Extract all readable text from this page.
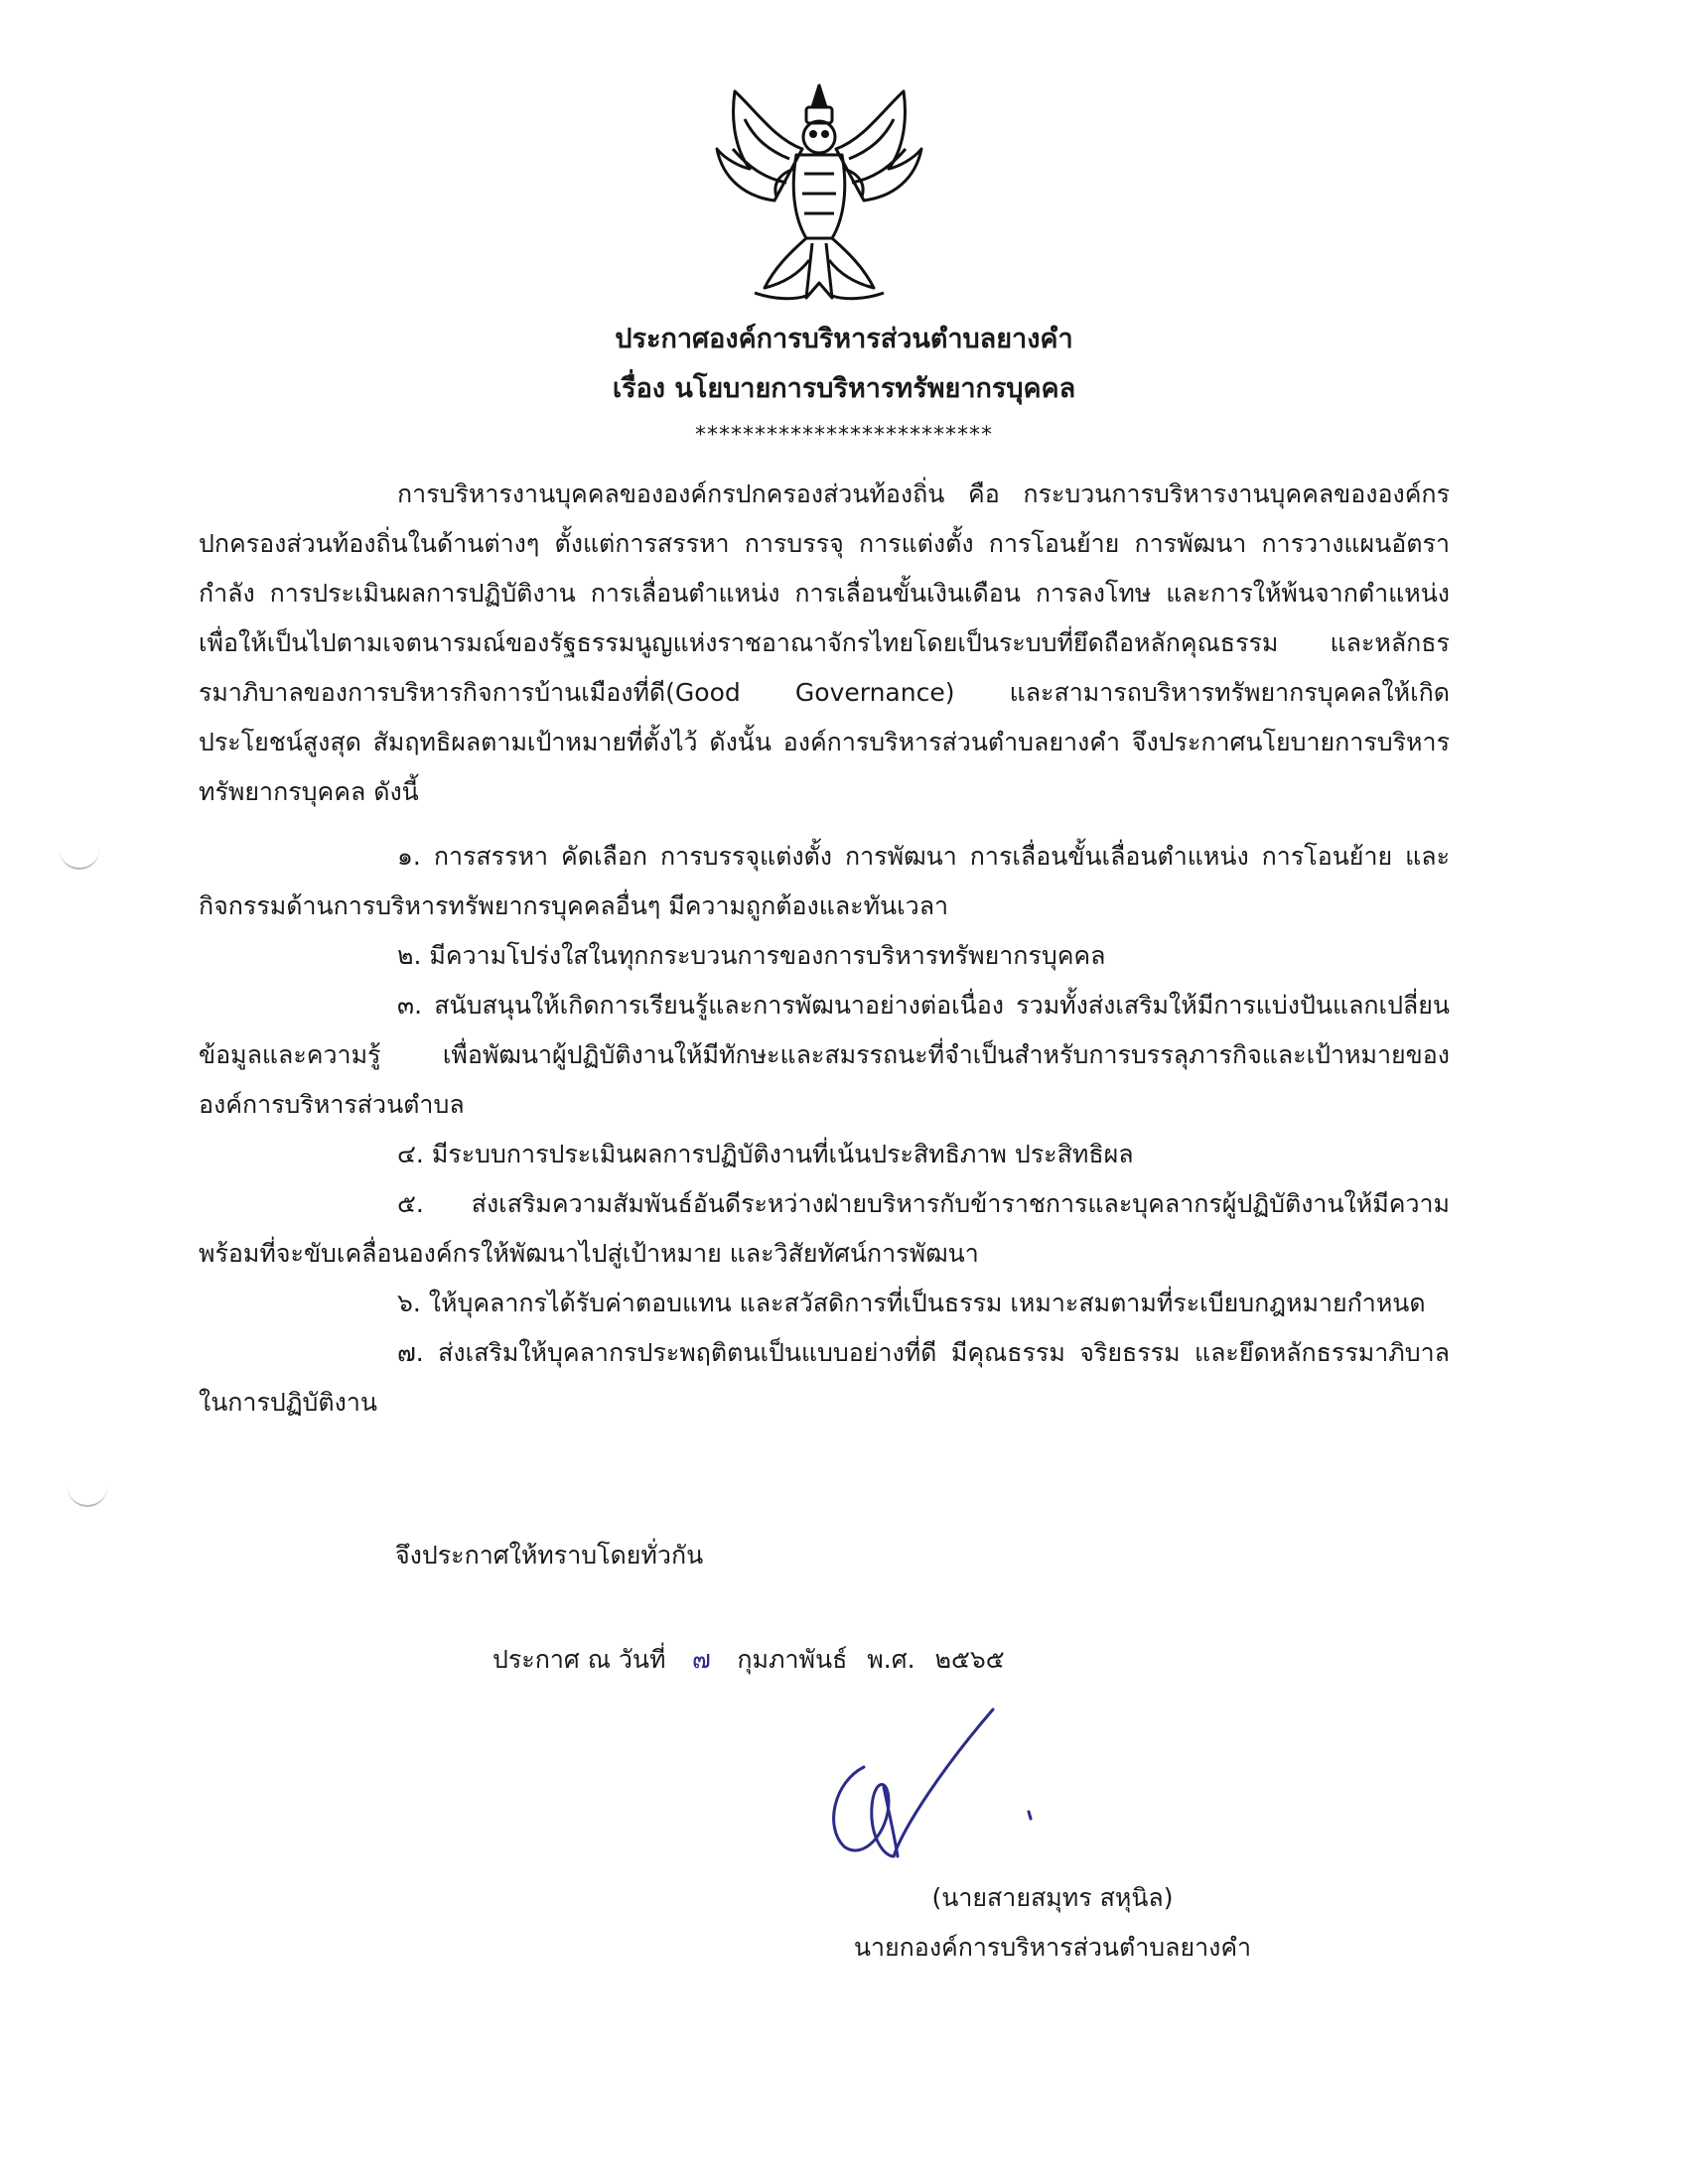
ประกาศองค์การบริหารส่วนตำบลยางคำ
เรื่อง นโยบายการบริหารทรัพยากรบุคคล
*************************

การบริหารงานบุคคลขององค์กรปกครองส่วนท้องถิ่น คือ กระบวนการบริหารงานบุคคลขององค์กรปกครองส่วนท้องถิ่นในด้านต่างๆ ตั้งแต่การสรรหา การบรรจุ การแต่งตั้ง การโอนย้าย การพัฒนา การวางแผนอัตรากำลัง การประเมินผลการปฏิบัติงาน การเลื่อนตำแหน่ง การเลื่อนขั้นเงินเดือน การลงโทษ และการให้พ้นจากตำแหน่ง เพื่อให้เป็นไปตามเจตนารมณ์ของรัฐธรรมนูญแห่งราชอาณาจักรไทยโดยเป็นระบบที่ยึดถือหลักคุณธรรม และหลักธรรมาภิบาลของการบริหารกิจการบ้านเมืองที่ดี(Good Governance) และสามารถบริหารทรัพยากรบุคคลให้เกิดประโยชน์สูงสุด สัมฤทธิผลตามเป้าหมายที่ตั้งไว้ ดังนั้น องค์การบริหารส่วนตำบลยางคำ จึงประกาศนโยบายการบริหารทรัพยากรบุคคล ดังนี้

๑. การสรรหา คัดเลือก การบรรจุแต่งตั้ง การพัฒนา การเลื่อนขั้นเลื่อนตำแหน่ง การโอนย้าย และกิจกรรมด้านการบริหารทรัพยากรบุคคลอื่นๆ มีความถูกต้องและทันเวลา

๒. มีความโปร่งใสในทุกกระบวนการของการบริหารทรัพยากรบุคคล

๓. สนับสนุนให้เกิดการเรียนรู้และการพัฒนาอย่างต่อเนื่อง รวมทั้งส่งเสริมให้มีการแบ่งปันแลกเปลี่ยนข้อมูลและความรู้ เพื่อพัฒนาผู้ปฏิบัติงานให้มีทักษะและสมรรถนะที่จำเป็นสำหรับการบรรลุภารกิจและเป้าหมายขององค์การบริหารส่วนตำบล

๔. มีระบบการประเมินผลการปฏิบัติงานที่เน้นประสิทธิภาพ ประสิทธิผล

๕. ส่งเสริมความสัมพันธ์อันดีระหว่างฝ่ายบริหารกับข้าราชการและบุคลากรผู้ปฏิบัติงานให้มีความพร้อมที่จะขับเคลื่อนองค์กรให้พัฒนาไปสู่เป้าหมาย และวิสัยทัศน์การพัฒนา

๖. ให้บุคลากรได้รับค่าตอบแทน และสวัสดิการที่เป็นธรรม เหมาะสมตามที่ระเบียบกฎหมายกำหนด

๗. ส่งเสริมให้บุคลากรประพฤติตนเป็นแบบอย่างที่ดี มีคุณธรรม จริยธรรม และยึดหลักธรรมาภิบาลในการปฏิบัติงาน

จึงประกาศให้ทราบโดยทั่วกัน
ประกาศ ณ วันที่ ๗ กุมภาพันธ์ พ.ศ. ๒๕๖๕
(นายสายสมุทร สหุนิล)
นายกองค์การบริหารส่วนตำบลยางคำ
